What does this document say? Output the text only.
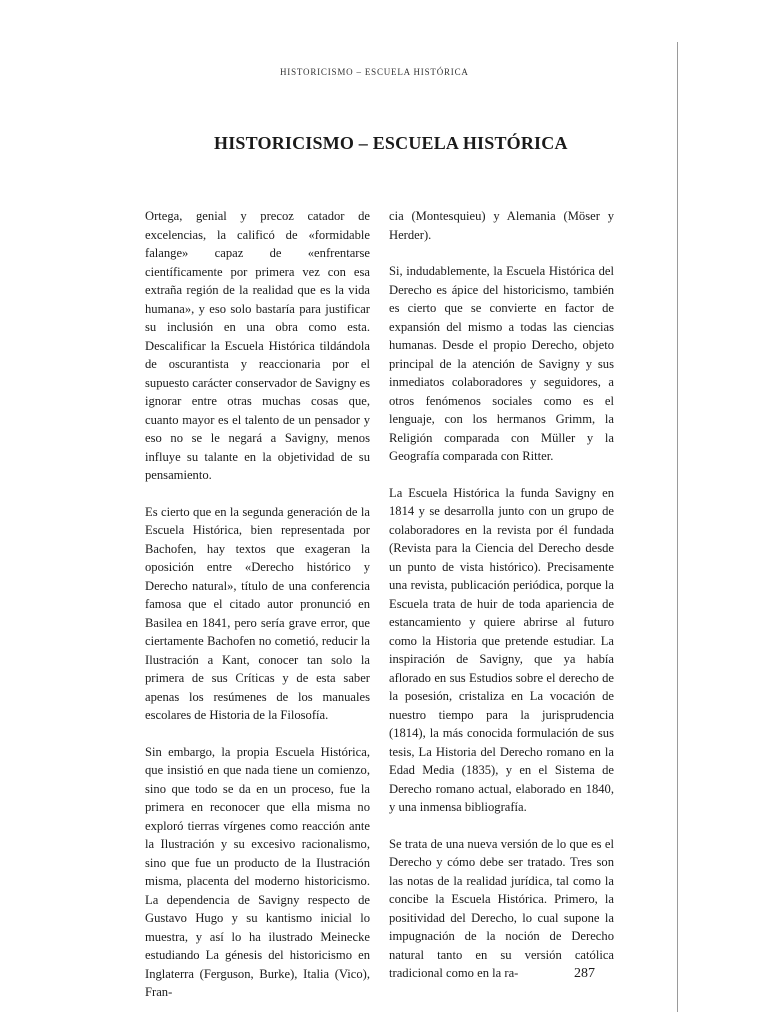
HISTORICISMO – ESCUELA HISTÓRICA
HISTORICISMO – ESCUELA HISTÓRICA

Ortega, genial y precoz catador de excelencias, la calificó de «formidable falange» capaz de «enfrentarse científicamente por primera vez con esa extraña región de la realidad que es la vida humana», y eso solo bastaría para justificar su inclusión en una obra como esta. Descalificar la Escuela Histórica tildándola de oscurantista y reaccionaria por el supuesto carácter conservador de Savigny es ignorar entre otras muchas cosas que, cuanto mayor es el talento de un pensador y eso no se le negará a Savigny, menos influye su talante en la objetividad de su pensamiento.

Es cierto que en la segunda generación de la Escuela Histórica, bien representada por Bachofen, hay textos que exageran la oposición entre «Derecho histórico y Derecho natural», título de una conferencia famosa que el citado autor pronunció en Basilea en 1841, pero sería grave error, que ciertamente Bachofen no cometió, reducir la Ilustración a Kant, conocer tan solo la primera de sus Críticas y de esta saber apenas los resúmenes de los manuales escolares de Historia de la Filosofía.

Sin embargo, la propia Escuela Histórica, que insistió en que nada tiene un comienzo, sino que todo se da en un proceso, fue la primera en reconocer que ella misma no exploró tierras vírgenes como reacción ante la Ilustración y su excesivo racionalismo, sino que fue un producto de la Ilustración misma, placenta del moderno historicismo. La dependencia de Savigny respecto de Gustavo Hugo y su kantismo inicial lo muestra, y así lo ha ilustrado Meinecke estudiando La génesis del historicismo en Inglaterra (Ferguson, Burke), Italia (Vico), Fran-

cia (Montesquieu) y Alemania (Möser y Herder).

Si, indudablemente, la Escuela Histórica del Derecho es ápice del historicismo, también es cierto que se convierte en factor de expansión del mismo a todas las ciencias humanas. Desde el propio Derecho, objeto principal de la atención de Savigny y sus inmediatos colaboradores y seguidores, a otros fenómenos sociales como es el lenguaje, con los hermanos Grimm, la Religión comparada con Müller y la Geografía comparada con Ritter.

La Escuela Histórica la funda Savigny en 1814 y se desarrolla junto con un grupo de colaboradores en la revista por él fundada (Revista para la Ciencia del Derecho desde un punto de vista histórico). Precisamente una revista, publicación periódica, porque la Escuela trata de huir de toda apariencia de estancamiento y quiere abrirse al futuro como la Historia que pretende estudiar. La inspiración de Savigny, que ya había aflorado en sus Estudios sobre el derecho de la posesión, cristaliza en La vocación de nuestro tiempo para la jurisprudencia (1814), la más conocida formulación de sus tesis, La Historia del Derecho romano en la Edad Media (1835), y en el Sistema de Derecho romano actual, elaborado en 1840, y una inmensa bibliografía.

Se trata de una nueva versión de lo que es el Derecho y cómo debe ser tratado. Tres son las notas de la realidad jurídica, tal como la concibe la Escuela Histórica. Primero, la positividad del Derecho, lo cual supone la impugnación de la noción de Derecho natural tanto en su versión católica tradicional como en la ra-	287
